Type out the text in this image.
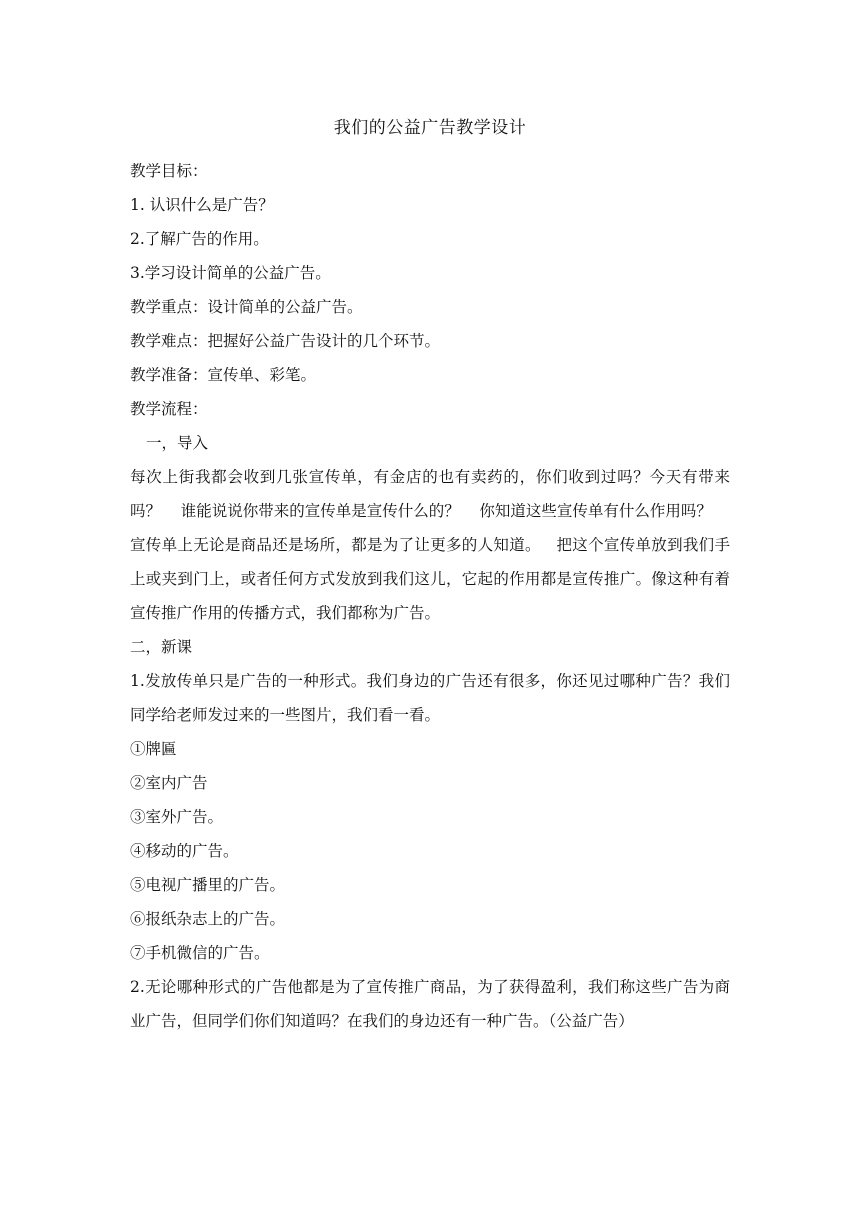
我们的公益广告教学设计

教学目标：

1. 认识什么是广告？

2.了解广告的作用。

3.学习设计简单的公益广告。

教学重点：设计简单的公益广告。

教学难点：把握好公益广告设计的几个环节。

教学准备：宣传单、彩笔。

教学流程：

一，导入

每次上街我都会收到几张宣传单，有金店的也有卖药的，你们收到过吗？今天有带来吗？    谁能说说你带来的宣传单是宣传什么的？    你知道这些宣传单有什么作用吗？

宣传单上无论是商品还是场所，都是为了让更多的人知道。   把这个宣传单放到我们手上或夹到门上，或者任何方式发放到我们这儿，它起的作用都是宣传推广。像这种有着宣传推广作用的传播方式，我们都称为广告。

二，新课

1.发放传单只是广告的一种形式。我们身边的广告还有很多，你还见过哪种广告？我们同学给老师发过来的一些图片，我们看一看。

①牌匾

②室内广告

③室外广告。

④移动的广告。

⑤电视广播里的广告。

⑥报纸杂志上的广告。

⑦手机微信的广告。

2.无论哪种形式的广告他都是为了宣传推广商品，为了获得盈利，我们称这些广告为商业广告，但同学们你们知道吗？在我们的身边还有一种广告。（公益广告）
